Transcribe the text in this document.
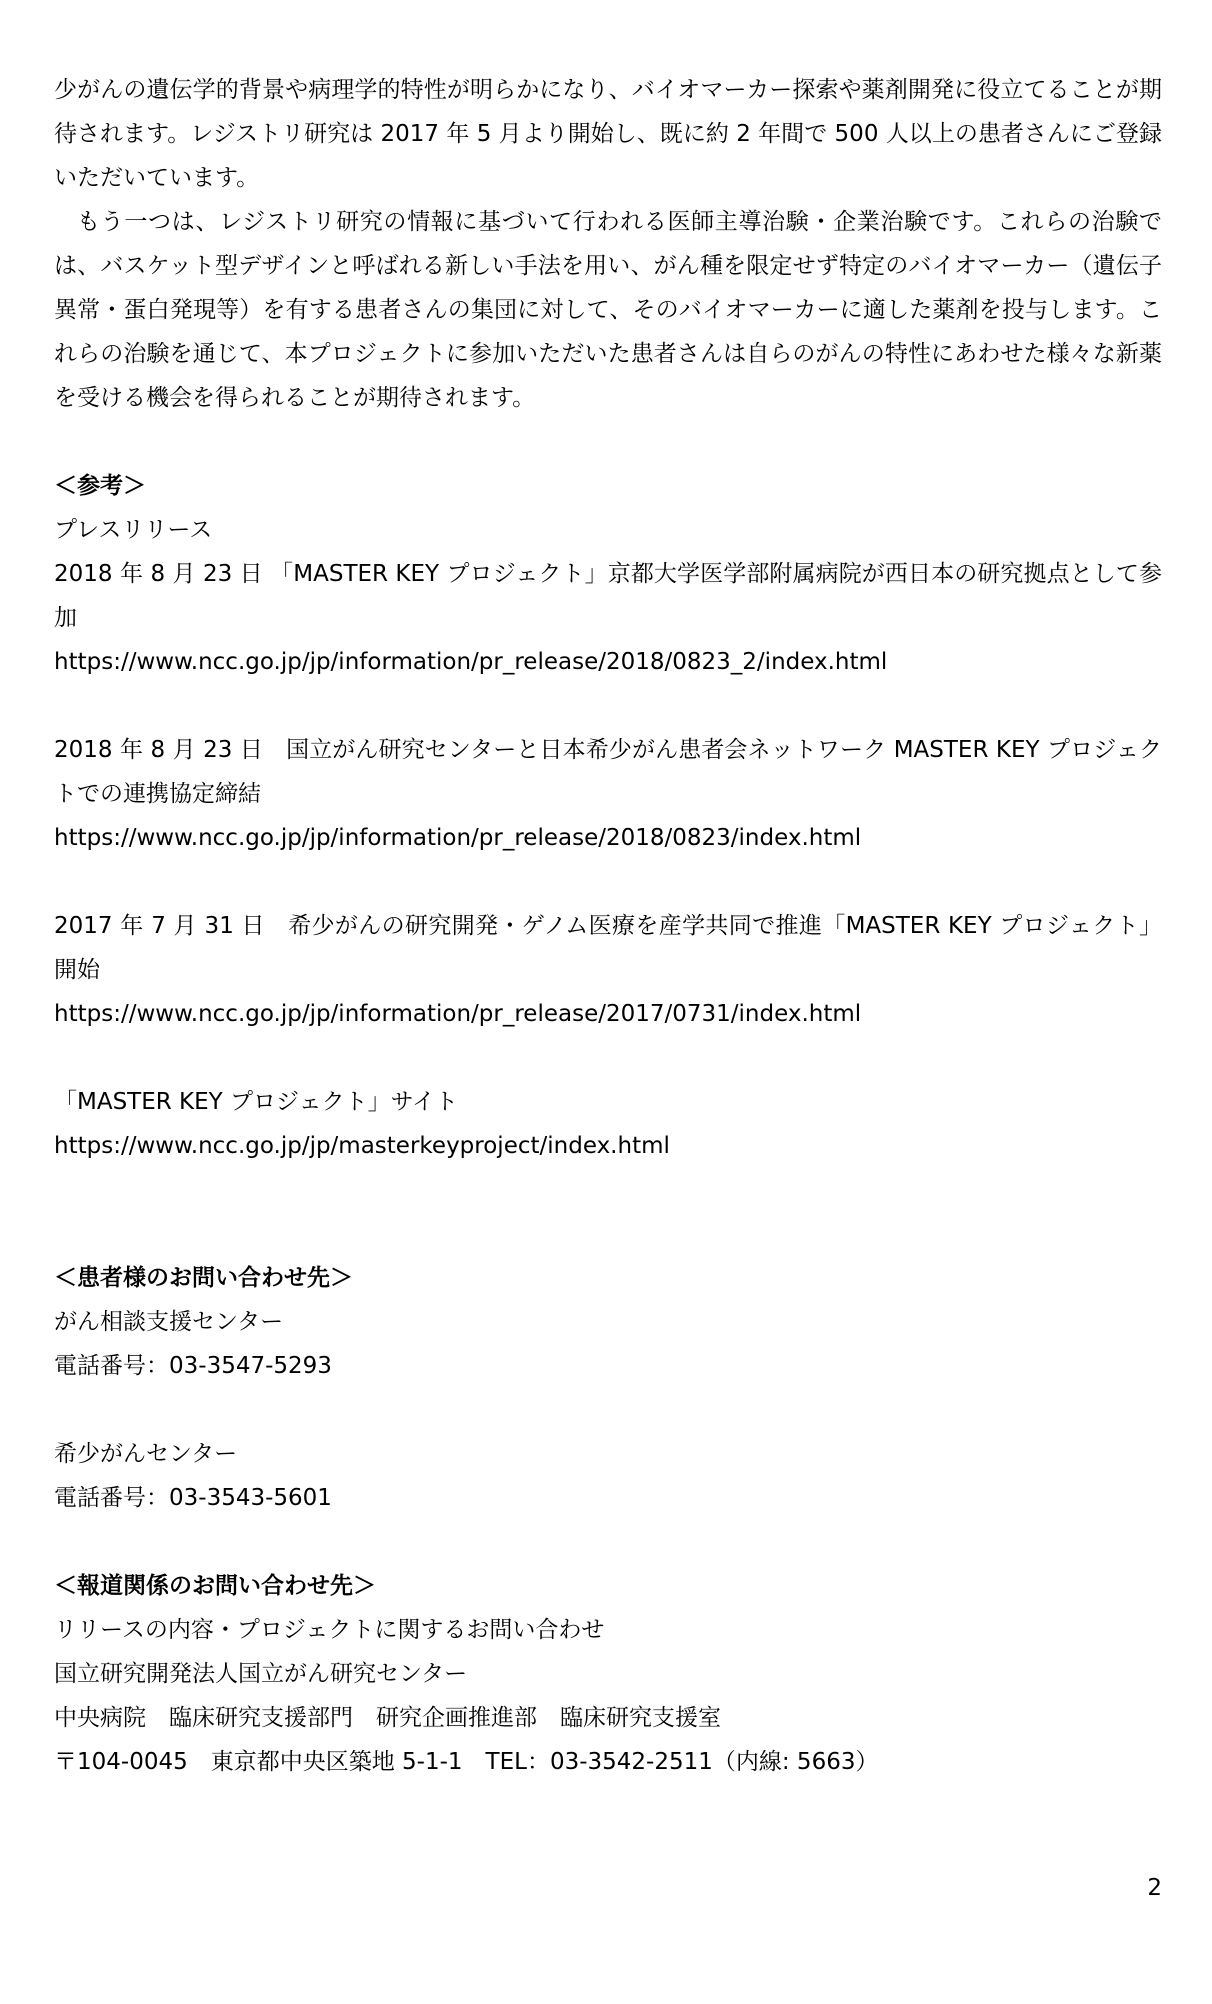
少がんの遺伝学的背景や病理学的特性が明らかになり、バイオマーカー探索や薬剤開発に役立てることが期待されます。レジストリ研究は 2017 年 5 月より開始し、既に約 2 年間で 500 人以上の患者さんにご登録いただいています。

もう一つは、レジストリ研究の情報に基づいて行われる医師主導治験・企業治験です。これらの治験では、バスケット型デザインと呼ばれる新しい手法を用い、がん種を限定せず特定のバイオマーカー（遺伝子異常・蛋白発現等）を有する患者さんの集団に対して、そのバイオマーカーに適した薬剤を投与します。これらの治験を通じて、本プロジェクトに参加いただいた患者さんは自らのがんの特性にあわせた様々な新薬を受ける機会を得られることが期待されます。

＜参考＞
プレスリリース

2018 年 8 月 23 日 「MASTER KEY プロジェクト」京都大学医学部附属病院が西日本の研究拠点として参加

https://www.ncc.go.jp/jp/information/pr_release/2018/0823_2/index.html

2018 年 8 月 23 日　国立がん研究センターと日本希少がん患者会ネットワーク MASTER KEY プロジェクトでの連携協定締結

https://www.ncc.go.jp/jp/information/pr_release/2018/0823/index.html

2017 年 7 月 31 日　希少がんの研究開発・ゲノム医療を産学共同で推進「MASTER KEY プロジェクト」開始

https://www.ncc.go.jp/jp/information/pr_release/2017/0731/index.html

「MASTER KEY プロジェクト」サイト

https://www.ncc.go.jp/jp/masterkeyproject/index.html
＜患者様のお問い合わせ先＞
がん相談支援センター
電話番号：03-3547-5293
希少がんセンター
電話番号：03-3543-5601
＜報道関係のお問い合わせ先＞
リリースの内容・プロジェクトに関するお問い合わせ
国立研究開発法人国立がん研究センター
中央病院　臨床研究支援部門　研究企画推進部　臨床研究支援室
〒104-0045　東京都中央区築地 5-1-1　TEL：03-3542-2511（内線: 5663）
2
